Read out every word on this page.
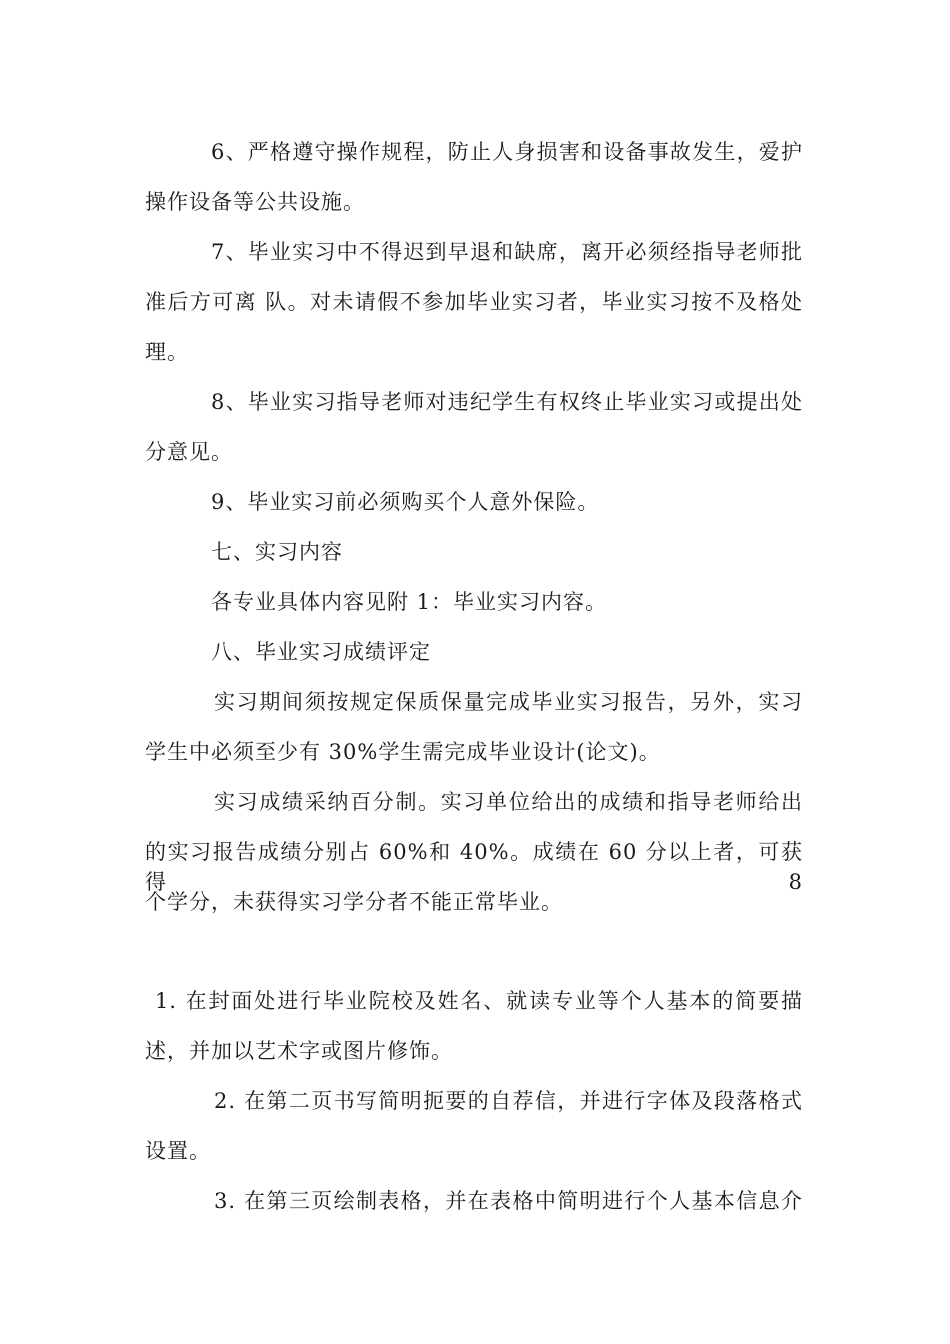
6、严格遵守操作规程，防止人身损害和设备事故发生，爱护

操作设备等公共设施。

7、毕业实习中不得迟到早退和缺席，离开必须经指导老师批

准后方可离 队。对未请假不参加毕业实习者，毕业实习按不及格处

理。

8、毕业实习指导老师对违纪学生有权终止毕业实习或提出处

分意见。

9、毕业实习前必须购买个人意外保险。

七、实习内容

各专业具体内容见附 1：毕业实习内容。

八、毕业实习成绩评定

实习期间须按规定保质保量完成毕业实习报告，另外，实习

学生中必须至少有 30%学生需完成毕业设计(论文)。

实习成绩采纳百分制。实习单位给出的成绩和指导老师给出

的实习报告成绩分别占 60%和 40%。成绩在 60 分以上者，可获得 8

个学分，未获得实习学分者不能正常毕业。

1. 在封面处进行毕业院校及姓名、就读专业等个人基本的简要描

述，并加以艺术字或图片修饰。

2. 在第二页书写简明扼要的自荐信，并进行字体及段落格式

设置。

3. 在第三页绘制表格，并在表格中简明进行个人基本信息介
